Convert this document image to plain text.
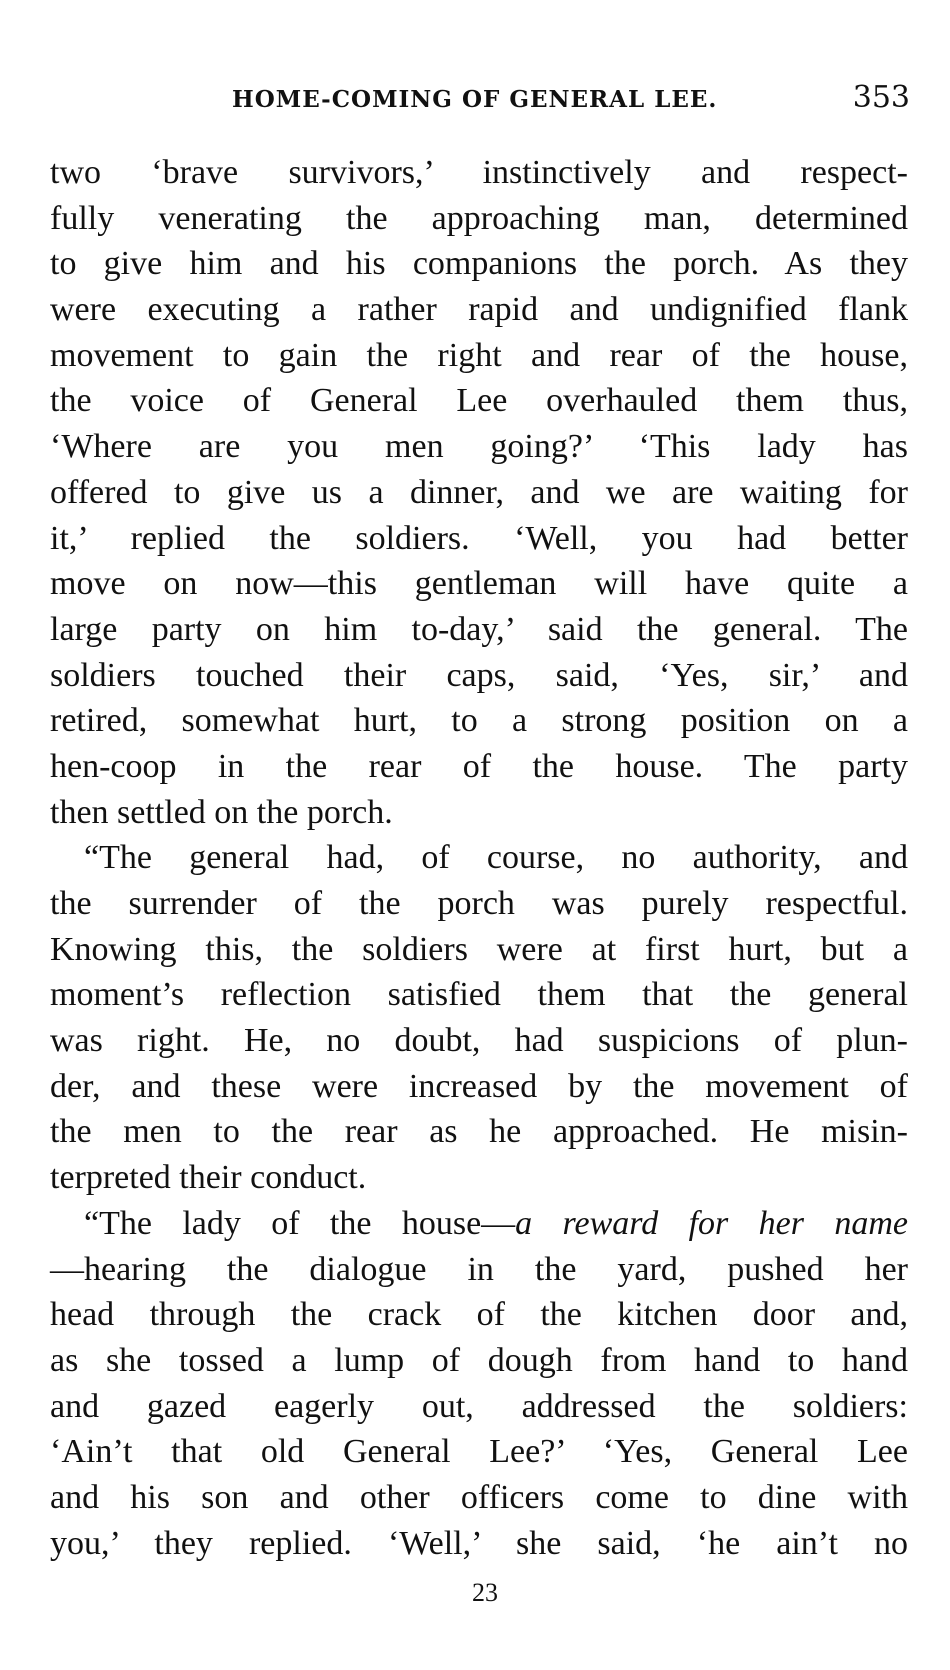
HOME-COMING OF GENERAL LEE.	353
two ‘brave survivors,’ instinctively and respect-
fully venerating the approaching man, determined
to give him and his companions the porch. As they
were executing a rather rapid and undignified flank
movement to gain the right and rear of the house,
the voice of General Lee overhauled them thus,
‘Where are you men going?’ ‘This lady has
offered to give us a dinner, and we are waiting for
it,’ replied the soldiers. ‘Well, you had better
move on now—this gentleman will have quite a
large party on him to-day,’ said the general. The
soldiers touched their caps, said, ‘Yes, sir,’ and
retired, somewhat hurt, to a strong position on a
hen-coop in the rear of the house. The party
then settled on the porch.
“The general had, of course, no authority, and
the surrender of the porch was purely respectful.
Knowing this, the soldiers were at first hurt, but a
moment’s reflection satisfied them that the general
was right. He, no doubt, had suspicions of plun-
der, and these were increased by the movement of
the men to the rear as he approached. He misin-
terpreted their conduct.
“The lady of the house—a reward for her name
—hearing the dialogue in the yard, pushed her
head through the crack of the kitchen door and,
as she tossed a lump of dough from hand to hand
and gazed eagerly out, addressed the soldiers:
‘Ain’t that old General Lee?’ ‘Yes, General Lee
and his son and other officers come to dine with
you,’ they replied. ‘Well,’ she said, ‘he ain’t no
23
